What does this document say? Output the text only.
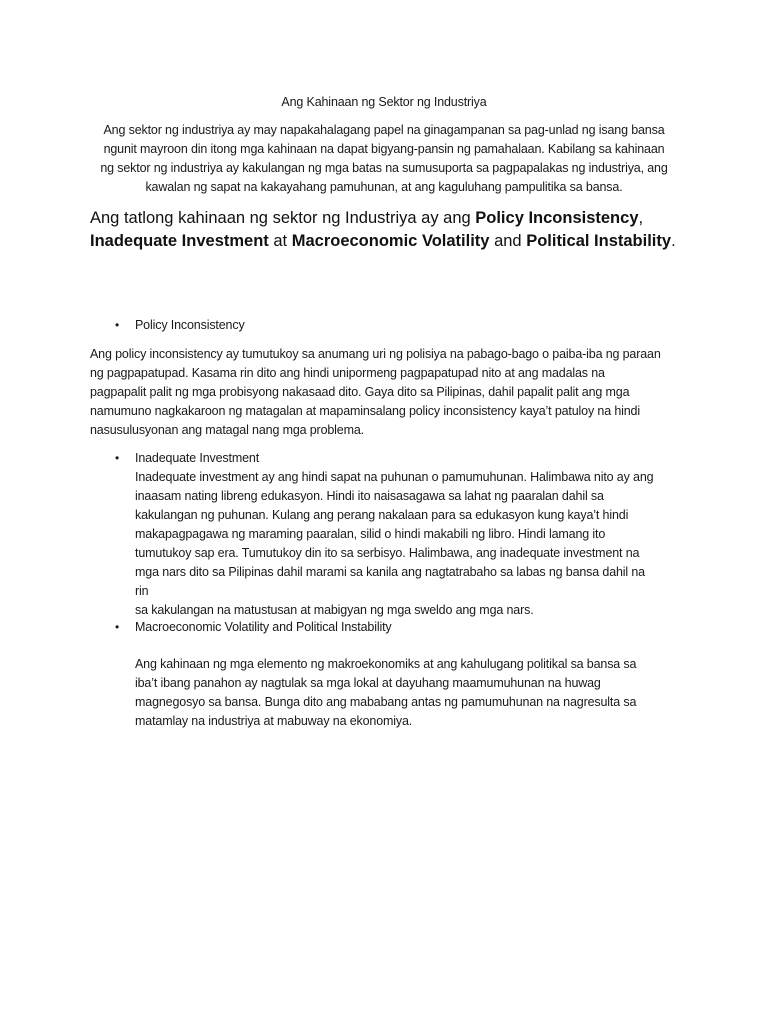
Ang Kahinaan ng Sektor ng Industriya

Ang sektor ng industriya ay may napakahalagang papel na ginagampanan sa pag-unlad ng isang bansa

ngunit mayroon din itong mga kahinaan na dapat bigyang-pansin ng pamahalaan. Kabilang sa kahinaan

ng sektor ng industriya ay kakulangan ng mga batas na sumusuporta sa pagpapalakas ng industriya, ang

kawalan ng sapat na kakayahang pamuhunan, at ang kaguluhang pampulitika sa bansa.

Ang tatlong kahinaan ng sektor ng Industriya ay ang Policy Inconsistency,
Inadequate Investment at Macroeconomic Volatility and Political Instability.
•	Policy Inconsistency

Ang policy inconsistency ay tumutukoy sa anumang uri ng polisiya na pabago-bago o paiba-iba ng paraan

ng pagpapatupad. Kasama rin dito ang hindi unipormeng pagpapatupad nito at ang madalas na

pagpapalit palit ng mga probisyong nakasaad dito. Gaya dito sa Pilipinas, dahil papalit palit ang mga

namumuno nagkakaroon ng matagalan at mapaminsalang policy inconsistency kaya’t patuloy na hindi

nasusulusyonan ang matagal nang mga problema.

•	Inadequate Investment

Inadequate investment ay ang hindi sapat na puhunan o pamumuhunan. Halimbawa nito ay ang

inaasam nating libreng edukasyon. Hindi ito naisasagawa sa lahat ng paaralan dahil sa

kakulangan ng puhunan. Kulang ang perang nakalaan para sa edukasyon kung kaya’t hindi

makapagpagawa ng maraming paaralan, silid o hindi makabili ng libro. Hindi lamang ito

tumutukoy sap era. Tumutukoy din ito sa serbisyo. Halimbawa, ang inadequate investment na

mga nars dito sa Pilipinas dahil marami sa kanila ang nagtatrabaho sa labas ng bansa dahil na rin

sa kakulangan na matustusan at mabigyan ng mga sweldo ang mga nars.

•	Macroeconomic Volatility and Political Instability

Ang kahinaan ng mga elemento ng makroekonomiks at ang kahulugang politikal sa bansa sa

iba’t ibang panahon ay nagtulak sa mga lokal at dayuhang maamumuhunan na huwag

magnegosyo sa bansa. Bunga dito ang mababang antas ng pamumuhunan na nagresulta sa

matamlay na industriya at mabuway na ekonomiya.
